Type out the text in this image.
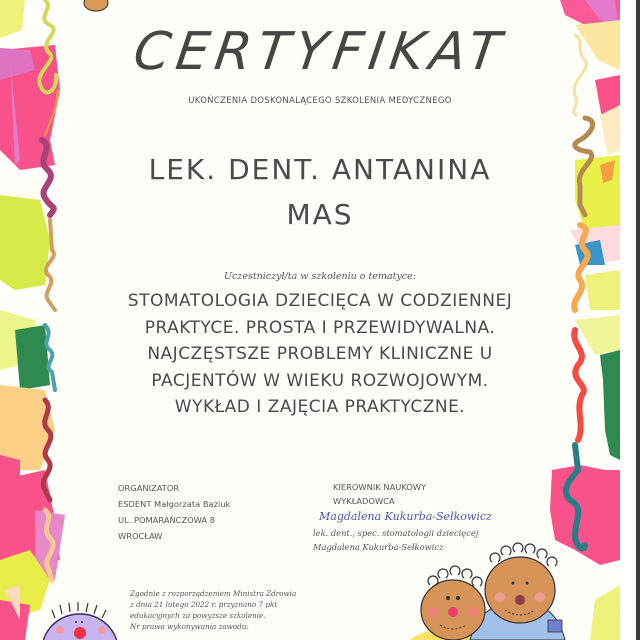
CERTYFIKAT
UKOŃCZENIA DOSKONALĄCEGO SZKOLENIA MEDYCZNEGO
LEK. DENT. ANTANINA
MAS
Uczestniczył/ta w szkoleniu o tematyce:
STOMATOLOGIA DZIECIĘCA W CODZIENNEJ
PRAKTYCE. PROSTA I PRZEWIDYWALNA.
NAJCZĘSTSZE PROBLEMY KLINICZNE U
PACJENTÓW W WIEKU ROZWOJOWYM.
WYKŁAD I ZAJĘCIA PRAKTYCZNE.
ORGANIZATOR
ESDENT Małgorzata Baziuk
UL. POMARAŃCZOWA 8
WROCŁAW
KIEROWNIK NAUKOWY
WYKŁADOWCA
Magdalena Kukurba-Sełkowicz
lek. dent., spec. stomatologii dziecięcej
Magdalena Kukurba-Sełkowicz
Zgodnie z rozporządzeniem Ministra Zdrowia
z dnia 21 lutego 2022 r. przyznano 7 pkt
edukacyjnych za powyższe szkolenie.
Nr prawa wykonywania zawodu:
